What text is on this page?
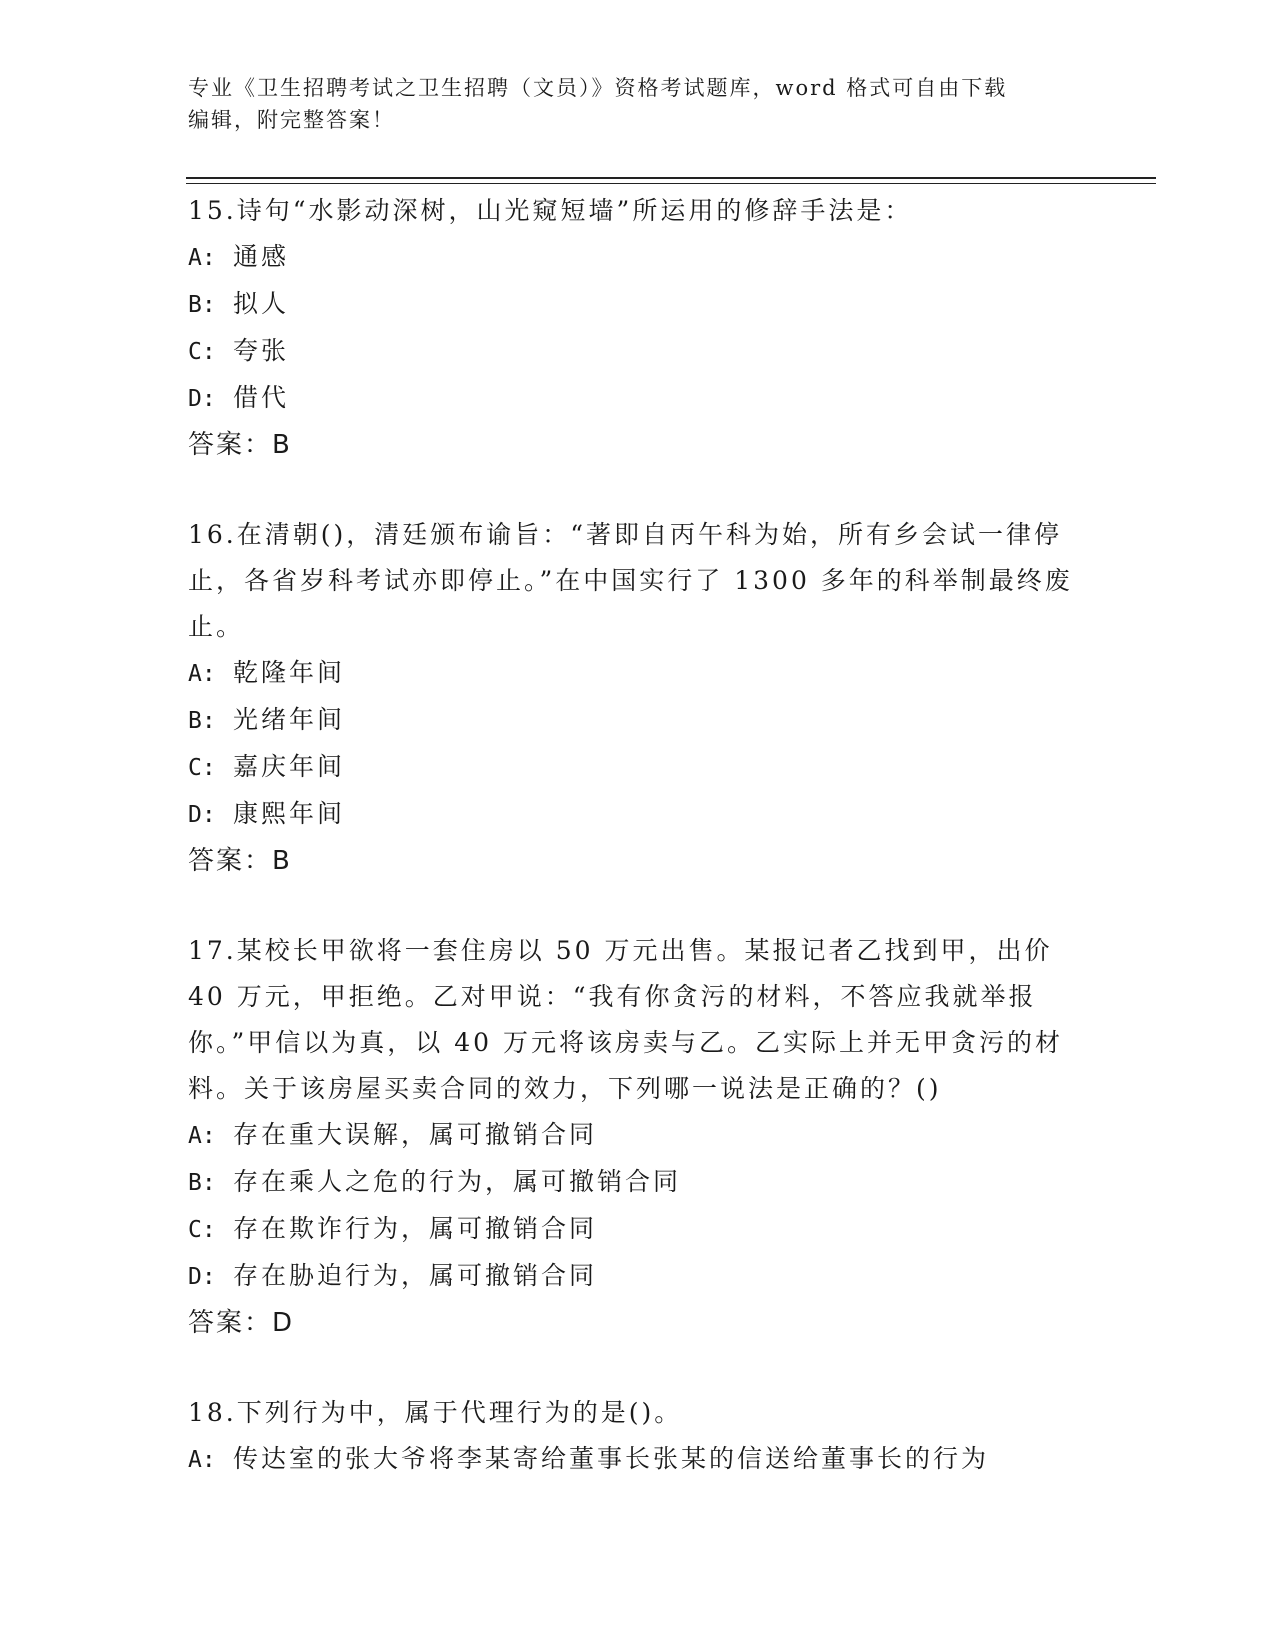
专业《卫生招聘考试之卫生招聘（文员）》资格考试题库，word 格式可自由下载
编辑，附完整答案！

15.诗句“水影动深树，山光窥短墙”所运用的修辞手法是：

A: 通感

B: 拟人

C: 夸张

D: 借代

答案：B

16.在清朝()，清廷颁布谕旨：“著即自丙午科为始，所有乡会试一律停止，各省岁科考试亦即停止。”在中国实行了 1300 多年的科举制最终废止。

A: 乾隆年间

B: 光绪年间

C: 嘉庆年间

D: 康熙年间

答案：B

17.某校长甲欲将一套住房以 50 万元出售。某报记者乙找到甲，出价 40 万元，甲拒绝。乙对甲说：“我有你贪污的材料，不答应我就举报你。”甲信以为真，以 40 万元将该房卖与乙。乙实际上并无甲贪污的材料。关于该房屋买卖合同的效力，下列哪一说法是正确的？()

A: 存在重大误解，属可撤销合同

B: 存在乘人之危的行为，属可撤销合同

C: 存在欺诈行为，属可撤销合同

D: 存在胁迫行为，属可撤销合同

答案：D

18.下列行为中，属于代理行为的是()。

A: 传达室的张大爷将李某寄给董事长张某的信送给董事长的行为
